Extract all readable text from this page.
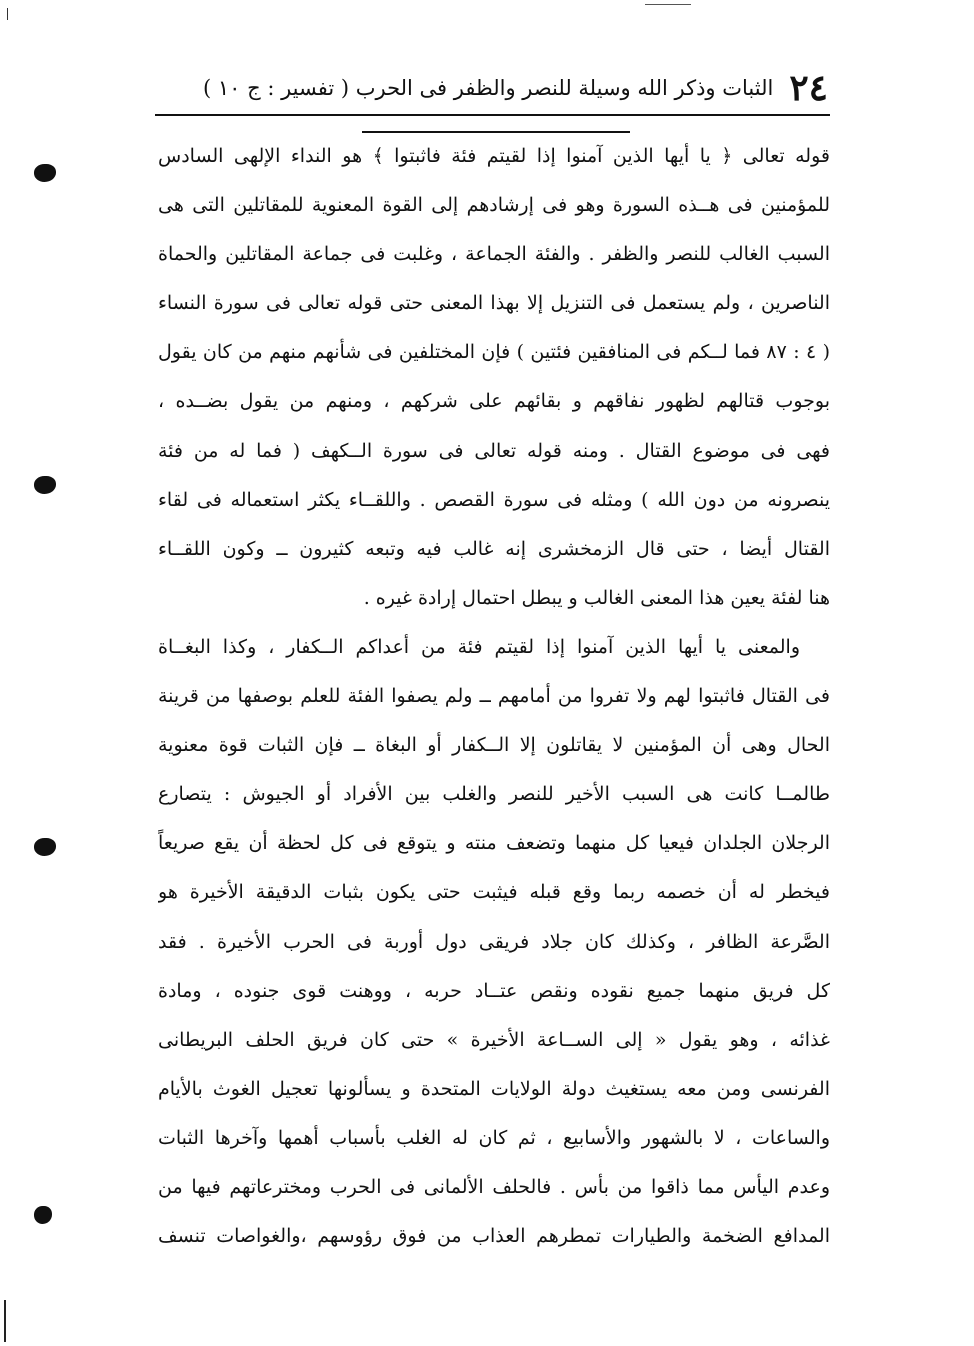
٢٤
الثبات وذكر الله وسيلة للنصر والظفر فى الحرب ( تفسير : ج ١٠ )
قوله تعالى ﴿ يا أيها الذين آمنوا إذا لقيتم فئة فاثبتوا ﴾ هو النداء الإلهى السادس
للمؤمنين فى هــذه السورة وهو فى إرشادهم إلى القوة المعنوية للمقاتلين التى هى
السبب الغالب للنصر والظفر . والفئة الجماعة ، وغلبت فى جماعة المقاتلين والحماة
الناصرين ، ولم يستعمل فى التنزيل إلا بهذا المعنى حتى قوله تعالى فى سورة النساء
( ٤ : ٨٧ فما لــكم فى المنافقين فئتين ) فإن المختلفين فى شأنهم منهم من كان يقول
بوجوب قتالهم لظهور نفاقهم و بقائهم على شركهم ، ومنهم من يقول بضــده ،
فهى فى موضوع القتال . ومنه قوله تعالى فى سورة الــكهف ( فما له من فئة
ينصرونه من دون الله ) ومثله فى سورة القصص . واللقــاء يكثر استعماله فى لقاء
القتال أيضا ، حتى قال الزمخشرى إنه غالب فيه وتبعه كثيرون ــ وكون اللقــاء
هنا لفئة يعين هذا المعنى الغالب و يبطل احتمال إرادة غيره .
والمعنى يا أيها الذين آمنوا إذا لقيتم فئة من أعداكم الــكفار ، وكذا البغــاة
فى القتال فاثبتوا لهم ولا تفروا من أمامهم ــ ولم يصفوا الفئة للعلم بوصفها من قرينة
الحال وهى أن المؤمنين لا يقاتلون إلا الــكفار أو البغاة ــ فإن الثبات قوة معنوية
طالمــا كانت هى السبب الأخير للنصر والغلب بين الأفراد أو الجيوش : يتصارع
الرجلان الجلدان فيعيا كل منهما وتضعف منته و يتوقع فى كل لحظة أن يقع صريعاً
فيخطر له أن خصمه ربما وقع قبله فيثبت حتى يكون بثبات الدقيقة الأخيرة هو
الصَّرعة الظافر ، وكذلك كان جلاد فريقى دول أوربة فى الحرب الأخيرة . فقد
كل فريق منهما جميع نقوده ونقص عتــاد حربه ، ووهنت قوى جنوده ، ومادة
غذائه ، وهو يقول « إلى الســاعة الأخيرة » حتى كان فريق الحلف البريطانى
الفرنسى ومن معه يستغيث دولة الولايات المتحدة و يسألونها تعجيل الغوث بالأيام
والساعات ، لا بالشهور والأسابيع ، ثم كان له الغلب بأسباب أهمها وآخرها الثبات
وعدم اليأس مما ذاقوا من بأس . فالحلف الألمانى فى الحرب ومخترعاتهم فيها من
المدافع الضخمة والطيارات تمطرهم العذاب من فوق رؤوسهم ،والغواصات تنسف
